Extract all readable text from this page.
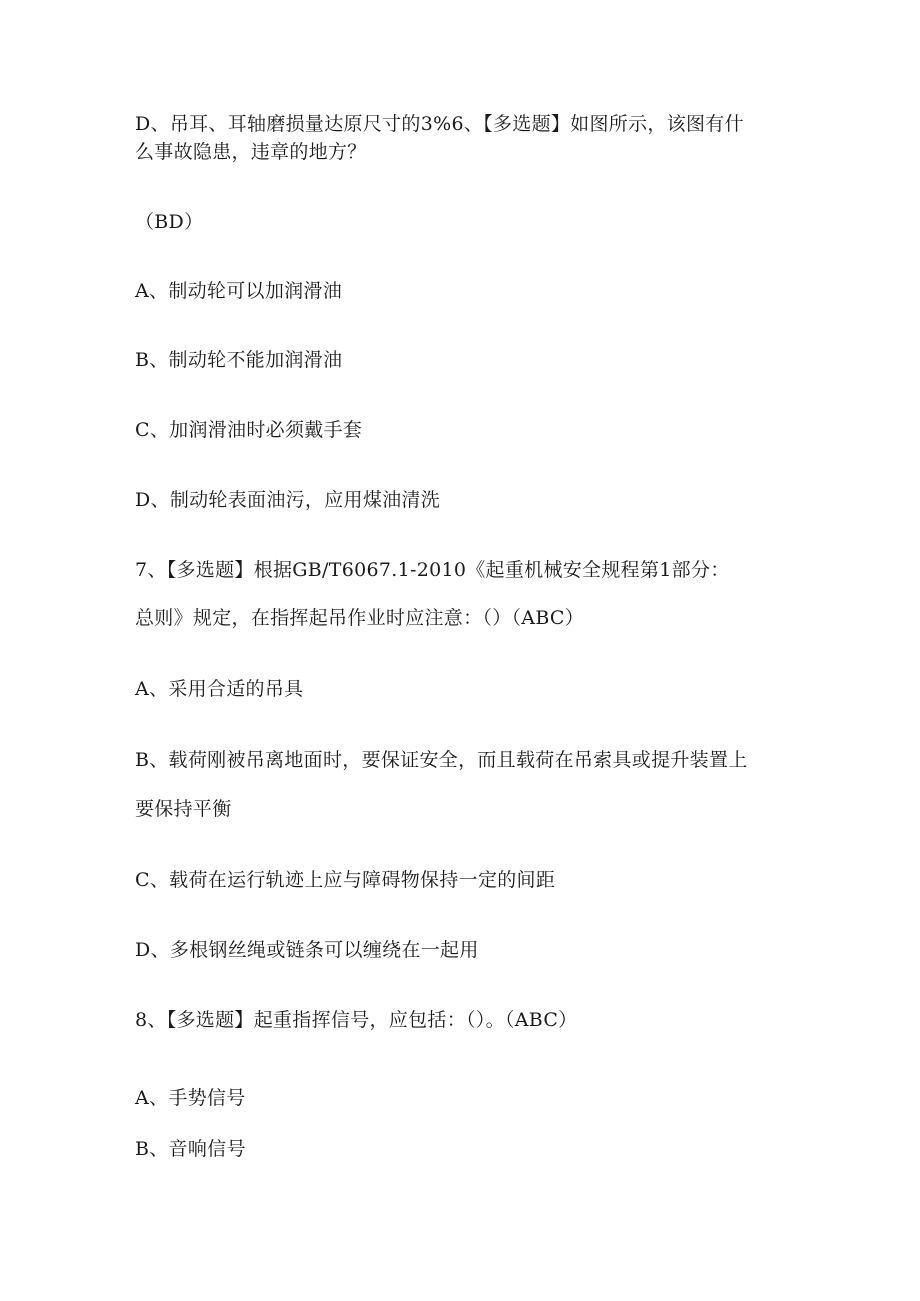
D、吊耳、耳轴磨损量达原尺寸的3%6、【多选题】如图所示，该图有什
么事故隐患，违章的地方？
（BD）
A、制动轮可以加润滑油
B、制动轮不能加润滑油
C、加润滑油时必须戴手套
D、制动轮表面油污，应用煤油清洗
7、【多选题】根据GB/T6067.1-2010《起重机械安全规程第1部分：
总则》规定，在指挥起吊作业时应注意：（）（ABC）
A、采用合适的吊具
B、载荷刚被吊离地面时，要保证安全，而且载荷在吊索具或提升装置上
要保持平衡
C、载荷在运行轨迹上应与障碍物保持一定的间距
D、多根钢丝绳或链条可以缠绕在一起用
8、【多选题】起重指挥信号，应包括：（）。（ABC）
A、手势信号
B、音响信号
